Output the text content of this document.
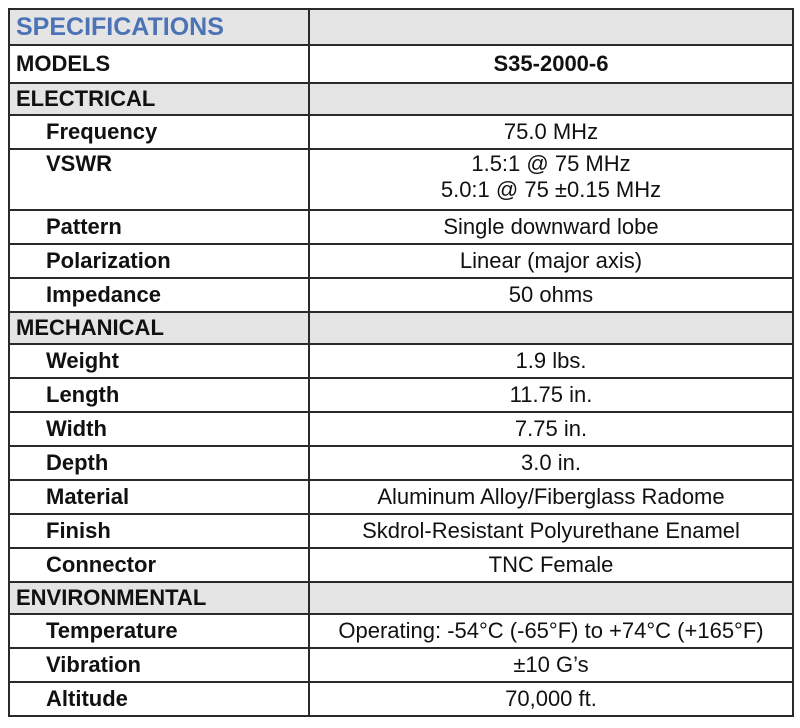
SPECIFICATIONS	
MODELS	S35-2000-6
ELECTRICAL	
Frequency	75.0 MHz
VSWR	1.5:1 @ 75 MHz
5.0:1 @ 75 ±0.15 MHz

Pattern	Single downward lobe
Polarization	Linear (major axis)
Impedance	50 ohms
MECHANICAL	
Weight	1.9 lbs.
Length	11.75 in.
Width	7.75 in.
Depth	3.0 in.
Material	Aluminum Alloy/Fiberglass Radome
Finish	Skdrol-Resistant Polyurethane Enamel
Connector	TNC Female
ENVIRONMENTAL	
Temperature	Operating: -54°C (-65°F) to +74°C (+165°F)
Vibration	±10 G’s
Altitude	70,000 ft.
